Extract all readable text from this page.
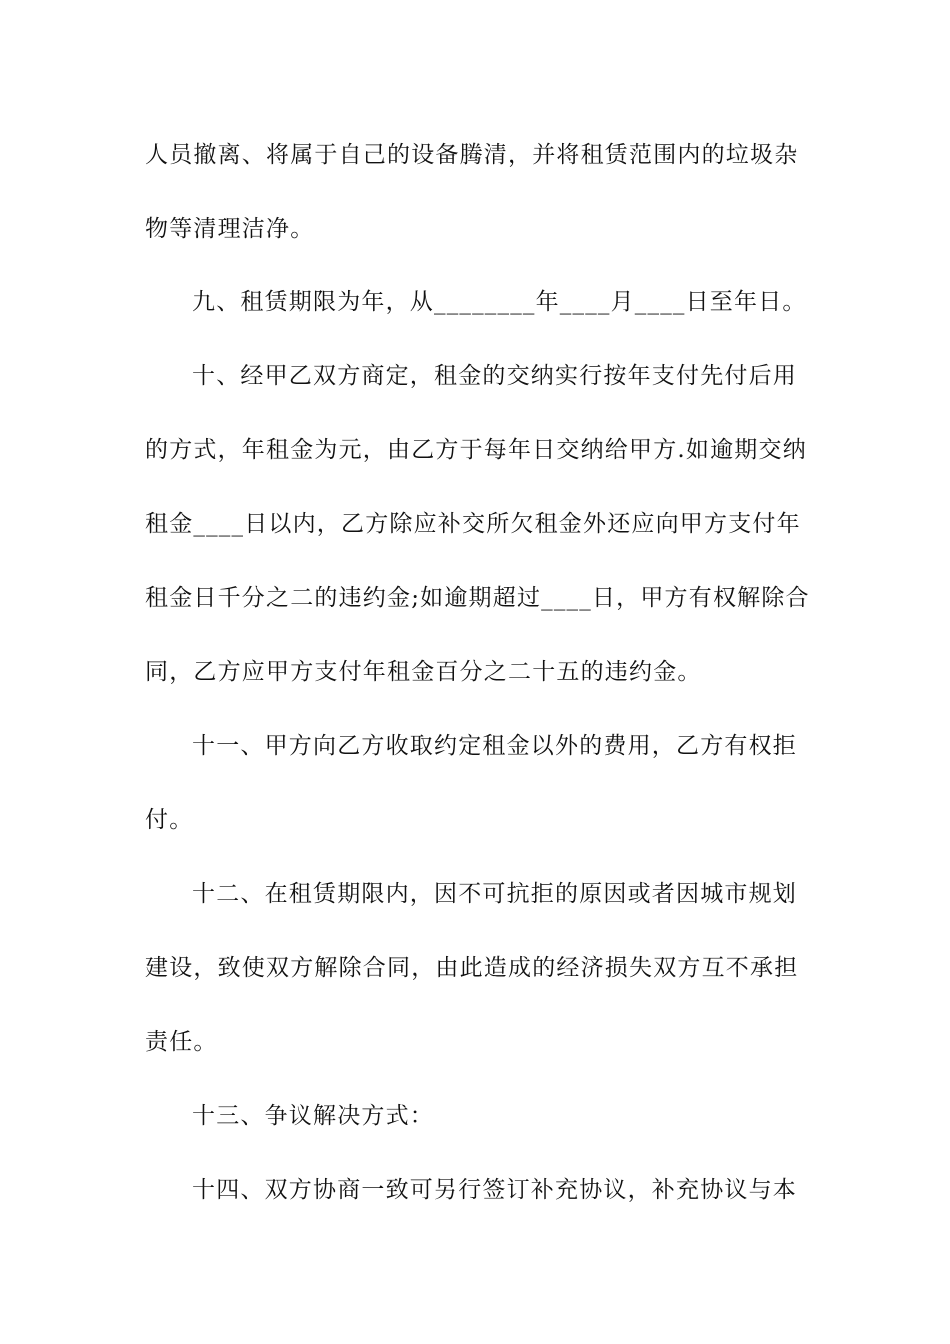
人员撤离、将属于自己的设备腾清，并将租赁范围内的垃圾杂
物等清理洁净。
九、租赁期限为年，从________年____月____日至年日。
十、经甲乙双方商定，租金的交纳实行按年支付先付后用
的方式，年租金为元，由乙方于每年日交纳给甲方.如逾期交纳
租金____日以内，乙方除应补交所欠租金外还应向甲方支付年
租金日千分之二的违约金;如逾期超过____日，甲方有权解除合
同，乙方应甲方支付年租金百分之二十五的违约金。
十一、甲方向乙方收取约定租金以外的费用，乙方有权拒
付。
十二、在租赁期限内，因不可抗拒的原因或者因城市规划
建设，致使双方解除合同，由此造成的经济损失双方互不承担
责任。
十三、争议解决方式：
十四、双方协商一致可另行签订补充协议，补充协议与本
